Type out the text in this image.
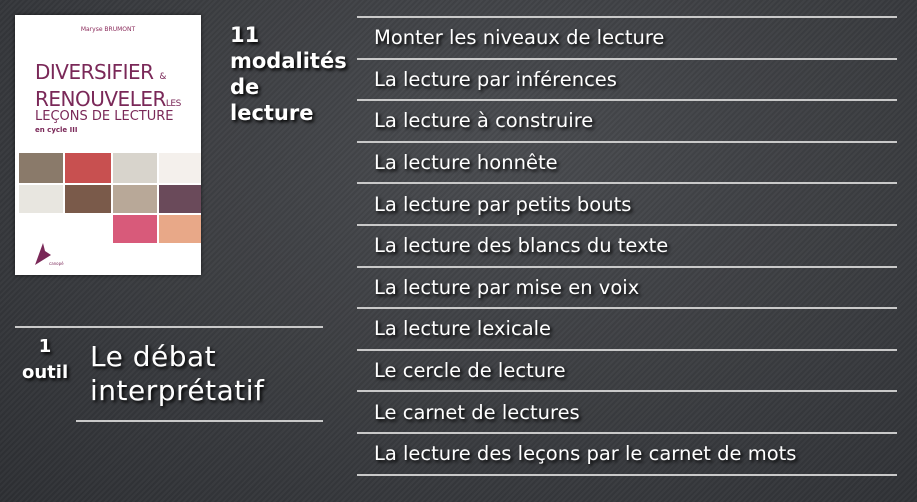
Maryse BRUMONT
DIVERSIFIER &
RENOUVELERLES
LEÇONS DE LECTURE
en cycle III
canopé
11
modalités
de
lecture
Monter les niveaux de lecture
La lecture par inférences
La lecture à construire
La lecture honnête
La lecture par petits bouts
La lecture des blancs du texte
La lecture par mise en voix
La lecture lexicale
Le cercle de lecture
Le carnet de lectures
La lecture des leçons par le carnet de mots
1
outil Le débat
interprétatif
